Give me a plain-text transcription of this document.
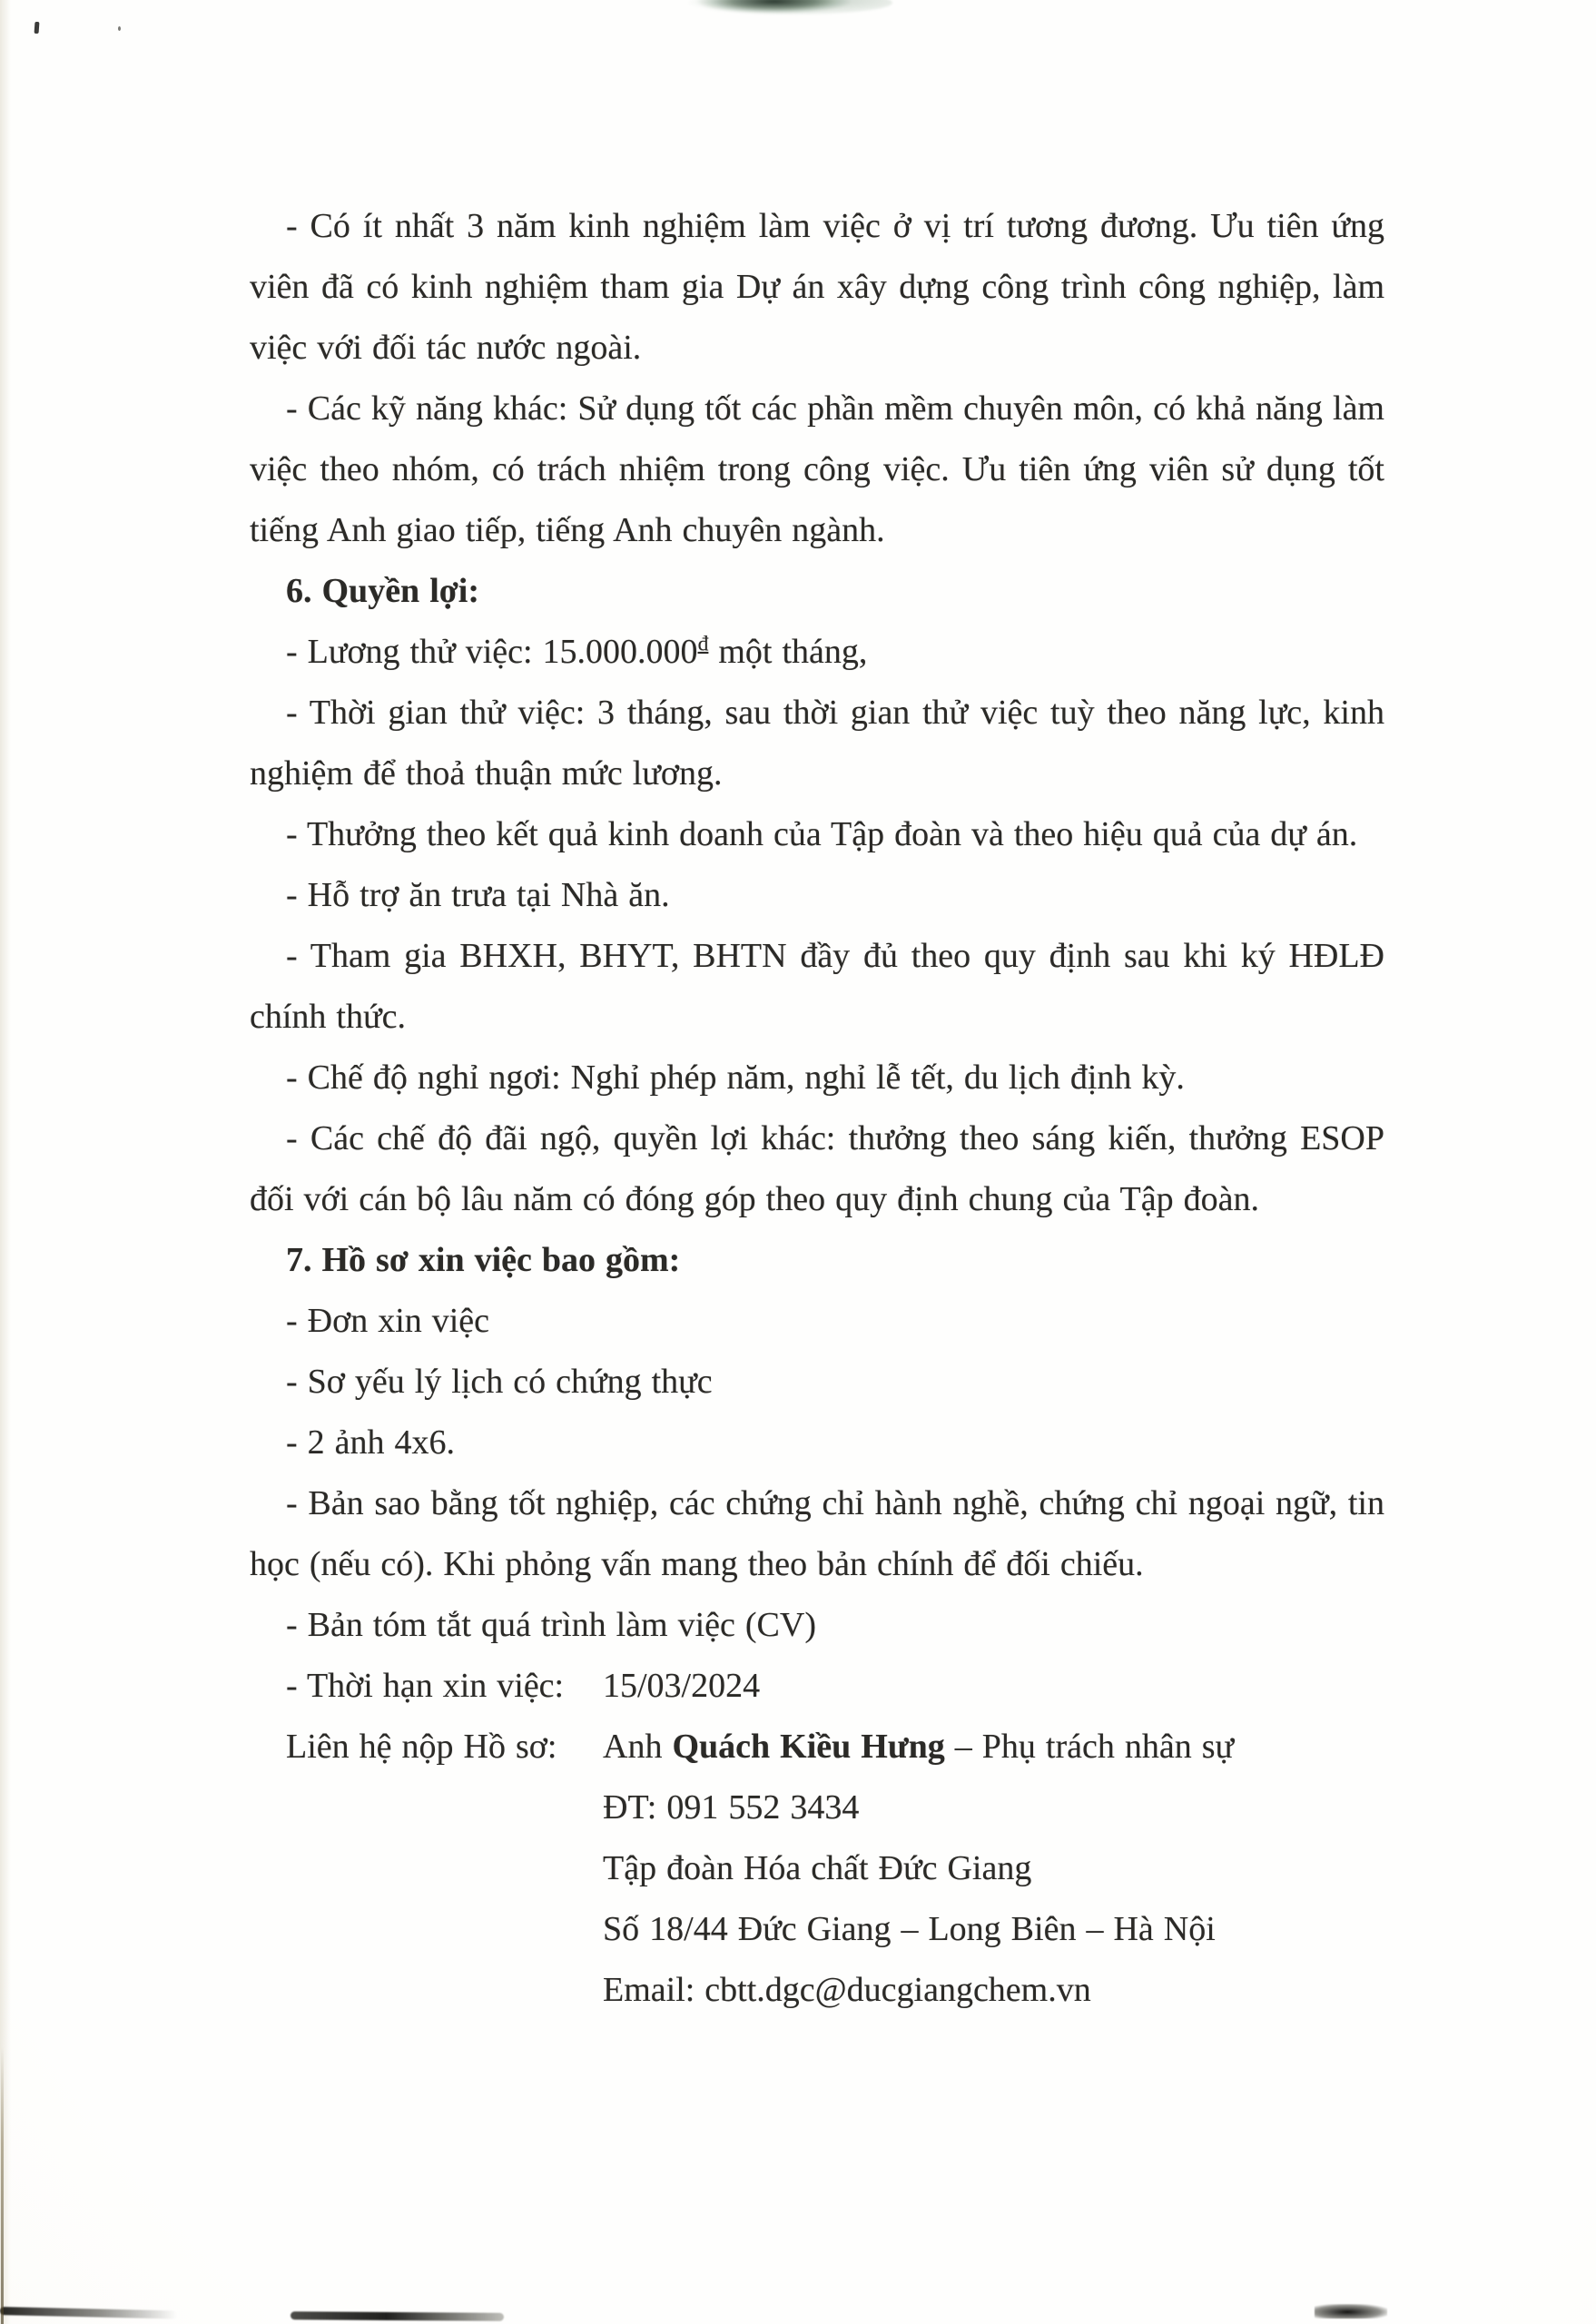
- Có ít nhất 3 năm kinh nghiệm làm việc ở vị trí tương đương. Ưu tiên ứng viên đã có kinh nghiệm tham gia Dự án xây dựng công trình công nghiệp, làm việc với đối tác nước ngoài.

- Các kỹ năng khác: Sử dụng tốt các phần mềm chuyên môn, có khả năng làm việc theo nhóm, có trách nhiệm trong công việc. Ưu tiên ứng viên sử dụng tốt tiếng Anh giao tiếp, tiếng Anh chuyên ngành.

6. Quyền lợi:

- Lương thử việc: $15.000.000^đ$ một tháng,

- Thời gian thử việc: 3 tháng, sau thời gian thử việc tuỳ theo năng lực, kinh nghiệm để thoả thuận mức lương.

- Thưởng theo kết quả kinh doanh của Tập đoàn và theo hiệu quả của dự án.

- Hỗ trợ ăn trưa tại Nhà ăn.

- Tham gia BHXH, BHYT, BHTN đầy đủ theo quy định sau khi ký HĐLĐ chính thức.

- Chế độ nghỉ ngơi: Nghỉ phép năm, nghỉ lễ tết, du lịch định kỳ.

- Các chế độ đãi ngộ, quyền lợi khác: thưởng theo sáng kiến, thưởng ESOP đối với cán bộ lâu năm có đóng góp theo quy định chung của Tập đoàn.

7. Hồ sơ xin việc bao gồm:

- Đơn xin việc

- Sơ yếu lý lịch có chứng thực

- 2 ảnh 4x6.

- Bản sao bằng tốt nghiệp, các chứng chỉ hành nghề, chứng chỉ ngoại ngữ, tin học (nếu có). Khi phỏng vấn mang theo bản chính để đối chiếu.

- Bản tóm tắt quá trình làm việc (CV)

- Thời hạn xin việc:	15/03/2024
Liên hệ nộp Hồ sơ:	Anh Quách Kiều Hưng – Phụ trách nhân sự

ĐT: 091 552 3434

Tập đoàn Hóa chất Đức Giang

Số 18/44 Đức Giang – Long Biên – Hà Nội

Email: cbtt.dgc@ducgiangchem.vn
